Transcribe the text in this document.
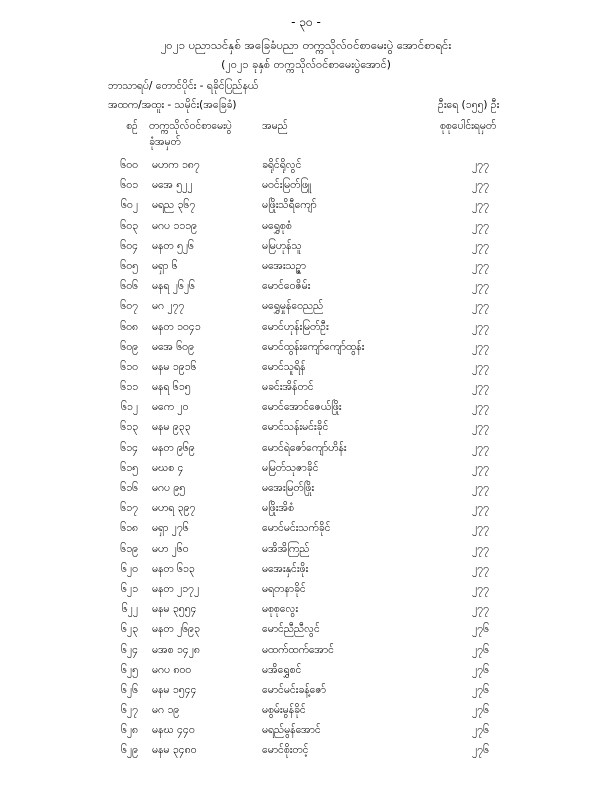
- ၃၀ -
၂၀၂၁ ပညာသင်နှစ် အခြေခံပညာ တက္ကသိုလ်ဝင်စာမေးပွဲ အောင်စာရင်း
(၂၀၂၁ ခုနှစ် တက္ကသိုလ်ဝင်စာမေးပွဲအောင်)
ဘာသာရပ်/ တောင်ပိုင်း - ရခိုင်ပြည်နယ်
အထက/အထူး - သမိုင်း(အခြေခံ)	ဦးရေ (၁၅၅) ဦး
စဉ် တက္ကသိုလ်ဝင်စာမေးပွဲ
ခုံအမှတ်
အမည်	စုစုပေါင်းရမှတ်
၆၀၀ မဟက ၁၈၇	ခရိုင်ရိုလွင်	၂၇၇
၆၀၁ မအေ ၅၂၂	မဝင်းမြတ်ဖြူ	၂၇၇
၆၀၂ မရည ၃၆၇	မဖြိုးသိရီကျော်	၂၇၇
၆၀၃ မဂပ ၁၁၁၉	မရွှေစုစံ	၂၇၇
၆၀၄ မနတ ၅၂၆	မမြဟုန်သူ	၂၇၇
၆၀၅ မရှာ ၆	မအေးသဉ္ဇာ	၂၇၇
၆၀၆ မနရ ၂၆၂၆	မောင်ဝေဇိမ်း	၂၇၇
၆၀၇ မဂ ၂၇၇	မရွှေမှုန်ဝေညည်	၂၇၇
၆၀၈ မနတ ၁၀၄၁	မောင်ဟုန်းမြတ်ဦး	၂၇၇
၆၀၉ မအေ ၆၀၉	မောင်ထွန်းကျော်ကျော်ထွန်း	၂၇၇
၆၁၀ မနမ ၁၉၁၆	မောင်သူရိန်	၂၇၇
၆၁၁ မနရ ၆၁၅	မခင်းအိန်တင်	၂၇၇
၆၁၂ မကေ ၂၀	မောင်အောင်ဇေယ်ဖြိုး	၂၇၇
၆၁၃ မနမ ၉၃၃	မောင်သန်းမင်းခိုင်	၂၇၇
၆၁၄ မနတ ၉၆၉	မောင်ရဲဇော်ကျော်ဟိန်း	၂၇၇
၆၁၅ မဃစ ၄	မမြတ်သုဇာခိုင်	၂၇၇
၆၁၆ မဂပ ၉၅	မအေးမြတ်ဖြိုး	၂၇၇
၆၁၇ မဟရ ၃၉၇	မဖြိုးအိစံ	၂၇၇
၆၁၈ မရှာ ၂၇၆	မောင်မင်းသက်ခိုင်	၂၇၇
၆၁၉ မဟ ၂၆၀	မအိအိကြည်	၂၇၇
၆၂၀ မနတ ၆၁၃	မအေးနှင်းဖိုး	၂၇၇
၆၂၁ မနတ ၂၁၇၂	မရတနာခိုင်	၂၇၇
၆၂၂ မနမ ၃၅၅၄	မစုစုလွေး	၂၇၇
၆၂၃ မနတ ၂၆၉၃	မောင်ညီညီလွင်	၂၇၆
၆၂၄ မအစ ၁၄၂၈	မထက်ထက်အောင်	၂၇၆
၆၂၅ မဂပ ၈၀၀	မအိရွှေစင်	၂၇၆
၆၂၆ မနမ ၁၅၄၄	မောင်မင်းခန့်ဇော်	၂၇၆
၆၂၇ မဂ ၁၉	မစွမ်းမွန်ခိုင်	၂၇၆
၆၂၈ မနဃ ၄၄၀	မရည်မွန်အောင်	၂၇၆
၆၂၉ မနမ ၃၄၈၀	မောင်စိုးတင့်	၂၇၆
